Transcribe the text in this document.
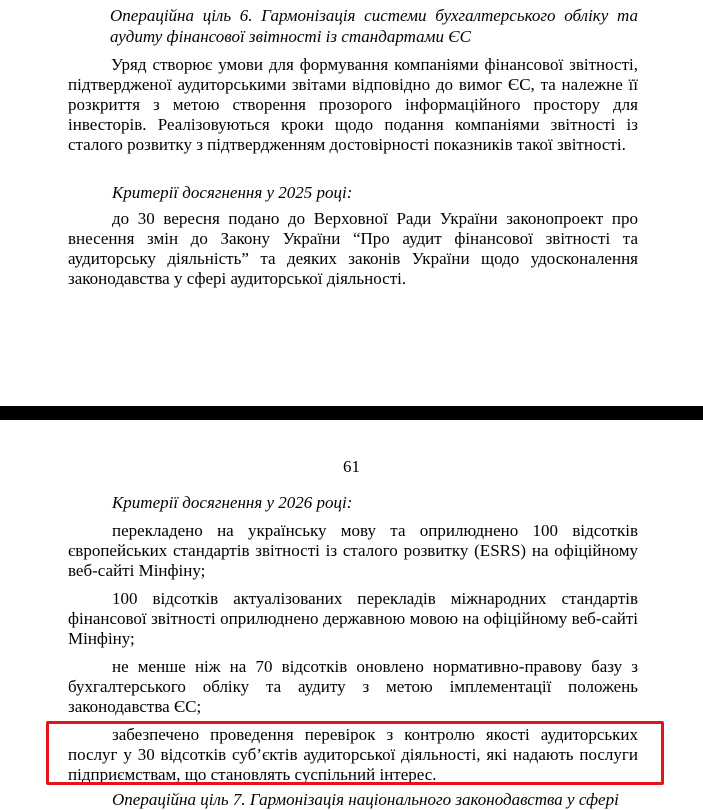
Операційна ціль 6. Гармонізація системи бухгалтерського обліку та аудиту фінансової звітності із стандартами ЄС

Уряд створює умови для формування компаніями фінансової звітності, підтвердженої аудиторськими звітами відповідно до вимог ЄС, та належне її розкриття з метою створення прозорого інформаційного простору для інвесторів. Реалізовуються кроки щодо подання компаніями звітності із сталого розвитку з підтвердженням достовірності показників такої звітності.

Критерії досягнення у 2025 році:

до 30 вересня подано до Верховної Ради України законопроект про внесення змін до Закону України “Про аудит фінансової звітності та аудиторську діяльність” та деяких законів України щодо удосконалення законодавства у сфері аудиторської діяльності.

61

Критерії досягнення у 2026 році:

перекладено на українську мову та оприлюднено 100 відсотків європейських стандартів звітності із сталого розвитку (ESRS) на офіційному веб-сайті Мінфіну;

100 відсотків актуалізованих перекладів міжнародних стандартів фінансової звітності оприлюднено державною мовою на офіційному веб-сайті Мінфіну;

не менше ніж на 70 відсотків оновлено нормативно-правову базу з бухгалтерського обліку та аудиту з метою імплементації положень законодавства ЄС;

забезпечено проведення перевірок з контролю якості аудиторських послуг у 30 відсотків суб’єктів аудиторської діяльності, які надають послуги підприємствам, що становлять суспільний інтерес.

Операційна ціль 7. Гармонізація національного законодавства у сфері
